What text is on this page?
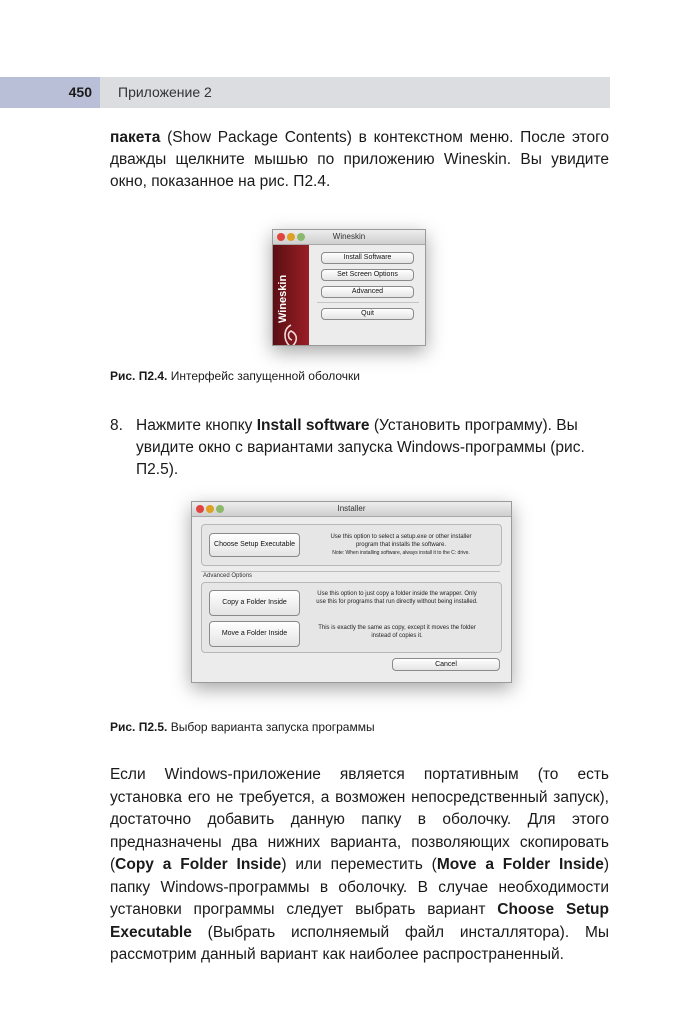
450	Приложение 2
пакета (Show Package Contents) в контекстном меню. После этого дважды щелкните мышью по приложению Wineskin. Вы увидите окно, показанное на рис. П2.4.
Wineskin
Wineskin
Install Software
Set Screen Options
Advanced
Quit
Рис. П2.4. Интерфейс запущенной оболочки
8. Нажмите кнопку Install software (Установить программу). Вы увидите окно с вариантами запуска Windows-программы (рис. П2.5).
Installer
Choose Setup Executable
Use this option to select a setup.exe or other installer
program that installs the software.
Note: When installing software, always install it to the C: drive.
Advanced Options
Copy a Folder Inside
Use this option to just copy a folder inside the wrapper. Only use this for programs that run directly without being installed.
Move a Folder Inside
This is exactly the same as copy, except it moves the folder instead of copies it.
Cancel
Рис. П2.5. Выбор варианта запуска программы
Если Windows-приложение является портативным (то есть установка его не требуется, а возможен непосредственный запуск), достаточно добавить данную папку в оболочку. Для этого предназначены два нижних варианта, позволяющих скопировать (Copy a Folder Inside) или переместить (Move a Folder Inside) папку Windows-программы в оболочку. В случае необходимости установки программы следует выбрать вариант Choose Setup Executable (Выбрать исполняемый файл инсталлятора). Мы рассмотрим данный вариант как наиболее распространенный.
